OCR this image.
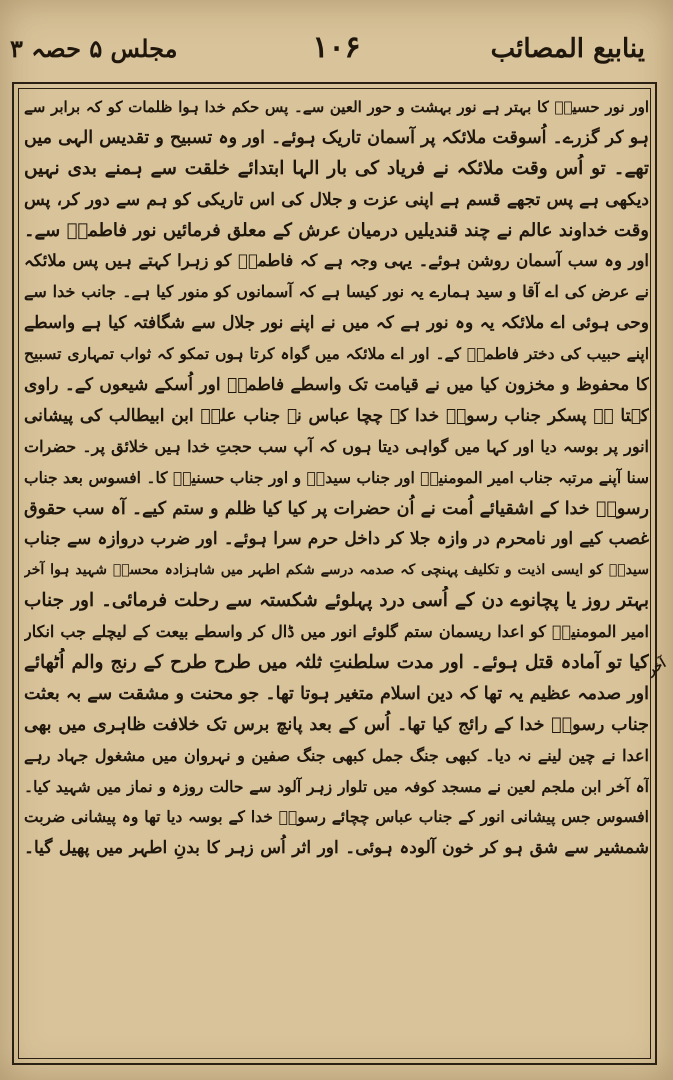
ینابیع المصائب
۱۰۶
مجلس ۵ حصہ ۳
اور نور حسینؑ کا بہتر ہے نور بہشت و حور العین سے۔ پس حکم خدا ہوا ظلمات کو کہ برابر سے
ہو کر گزرے۔ اُسوقت ملائکہ پر آسمان تاریک ہوئے۔ اور وہ تسبیح و تقدیس الہی میں
تھے۔ تو اُس وقت ملائکہ نے فریاد کی بار الہا ابتدائے خلقت سے ہمنے بدی نہیں
دیکھی ہے پس تجھے قسم ہے اپنی عزت و جلال کی اس تاریکی کو ہم سے دور کر، پس
وقت خداوند عالم نے چند قندیلیں درمیان عرش کے معلق فرمائیں نور فاطمہؑ سے۔
اور وہ سب آسمان روشن ہوئے۔ یہی وجہ ہے کہ فاطمہؑ کو زہرا کہتے ہیں پس ملائکہ
نے عرض کی اے آقا و سید ہمارے یہ نور کیسا ہے کہ آسمانوں کو منور کیا ہے۔ جانب خدا سے
وحی ہوئی اے ملائکہ یہ وہ نور ہے کہ میں نے اپنے نور جلال سے شگافتہ کیا ہے واسطے
اپنے حبیب کی دختر فاطمہؑ کے۔ اور اے ملائکہ میں گواہ کرتا ہوں تمکو کہ ثواب تمہاری تسبیح
کا محفوظ و مخزون کیا میں نے قیامت تک واسطے فاطمہؑ اور اُسکے شیعوں کے۔ راوی
کہتا ہے پسکر جناب رسولؐ خدا کے چچا عباس نے جناب علیؑ ابن ابیطالب کی پیشانی
انور پر بوسہ دیا اور کہا میں گواہی دیتا ہوں کہ آپ سب حجتِ خدا ہیں خلائق پر۔ حضرات
سنا آپنے مرتبہ جناب امیر المومنینؑ اور جناب سیدہؑ و اور جناب حسنینؑ کا۔ افسوس بعد جناب
رسولؐ خدا کے اشقیائے اُمت نے اُن حضرات پر کیا کیا ظلم و ستم کیے۔ آہ سب حقوق
غصب کیے اور نامحرم در وازہ جلا کر داخل حرم سرا ہوئے۔ اور ضرب دروازہ سے جناب
سیدہؑ کو ایسی اذیت و تکلیف پہنچی کہ صدمہ درسے شکم اطہر میں شاہزادہ محسنؑ شہید ہوا آخر
بہتر روز یا پچانوے دن کے اُسی درد پہلوئے شکستہ سے رحلت فرمائی۔ اور جناب
امیر المومنینؑ کو اعدا ریسمان ستم گلوئے انور میں ڈال کر واسطے بیعت کے لیچلے جب انکار
کیا تو آمادہ قتل ہوئے۔ اور مدت سلطنتِ ثلثہ میں طرح طرح کے رنج والم اُٹھائے
اور صدمہ عظیم یہ تھا کہ دین اسلام متغیر ہوتا تھا۔ جو محنت و مشقت سے بہ بعثت
جناب رسولؐ خدا کے رائج کیا تھا۔ اُس کے بعد پانچ برس تک خلافت ظاہری میں بھی
اعدا نے چین لینے نہ دیا۔ کبھی جنگ جمل کبھی جنگ صفین و نہروان میں مشغول جہاد رہے
آہ آخر ابن ملجم لعین نے مسجد کوفہ میں تلوار زہر آلود سے حالت روزہ و نماز میں شہید کیا۔
افسوس جس پیشانی انور کے جناب عباس چچائے رسولؐ خدا کے بوسہ دیا تھا وہ پیشانی ضربت
شمشیر سے شق ہو کر خون آلودہ ہوئی۔ اور اثر اُس زہر کا بدنِ اطہر میں پھیل گیا۔
آخر
